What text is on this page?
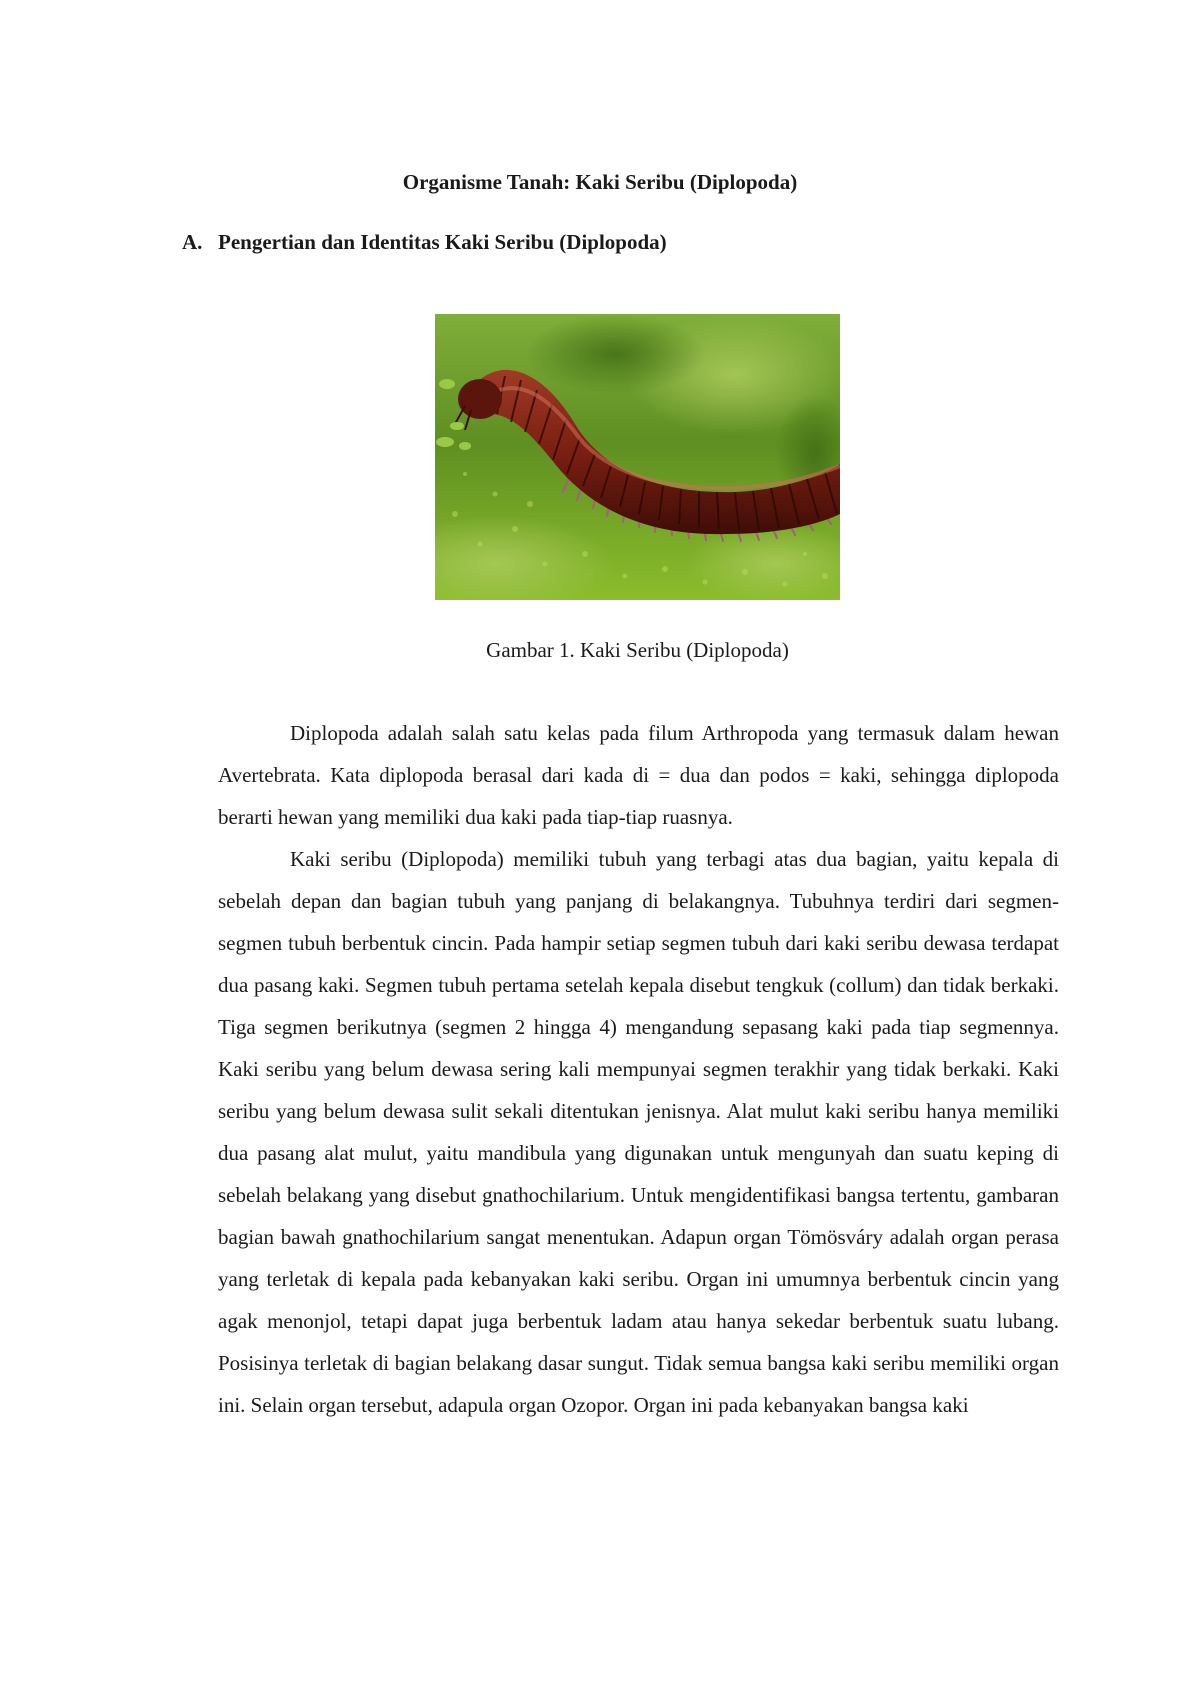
Organisme Tanah: Kaki Seribu (Diplopoda)
A. Pengertian dan Identitas Kaki Seribu (Diplopoda)

Gambar 1. Kaki Seribu (Diplopoda)

Diplopoda adalah salah satu kelas pada filum Arthropoda yang termasuk dalam hewan Avertebrata. Kata diplopoda berasal dari kada di = dua dan podos = kaki, sehingga diplopoda berarti hewan yang memiliki dua kaki pada tiap-tiap ruasnya.

Kaki seribu (Diplopoda) memiliki tubuh yang terbagi atas dua bagian, yaitu kepala di sebelah depan dan bagian tubuh yang panjang di belakangnya. Tubuhnya terdiri dari segmen-segmen tubuh berbentuk cincin. Pada hampir setiap segmen tubuh dari kaki seribu dewasa terdapat dua pasang kaki. Segmen tubuh pertama setelah kepala disebut tengkuk (collum) dan tidak berkaki. Tiga segmen berikutnya (segmen 2 hingga 4) mengandung sepasang kaki pada tiap segmennya. Kaki seribu yang belum dewasa sering kali mempunyai segmen terakhir yang tidak berkaki. Kaki seribu yang belum dewasa sulit sekali ditentukan jenisnya. Alat mulut kaki seribu hanya memiliki dua pasang alat mulut, yaitu mandibula yang digunakan untuk mengunyah dan suatu keping di sebelah belakang yang disebut gnathochilarium. Untuk mengidentifikasi bangsa tertentu, gambaran bagian bawah gnathochilarium sangat menentukan. Adapun organ Tömösváry adalah organ perasa yang terletak di kepala pada kebanyakan kaki seribu. Organ ini umumnya berbentuk cincin yang agak menonjol, tetapi dapat juga berbentuk ladam atau hanya sekedar berbentuk suatu lubang. Posisinya terletak di bagian belakang dasar sungut. Tidak semua bangsa kaki seribu memiliki organ ini. Selain organ tersebut, adapula organ Ozopor. Organ ini pada kebanyakan bangsa kaki
